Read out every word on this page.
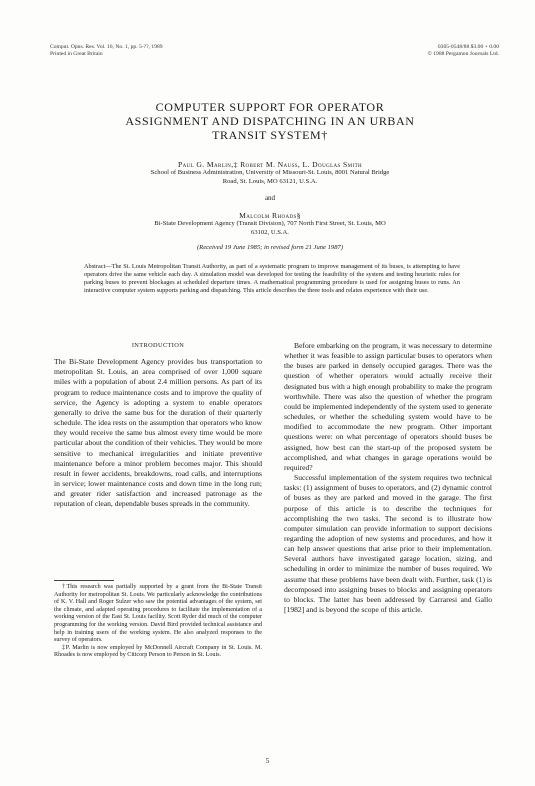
Comput. Opns. Res. Vol. 16, No. 1, pp. 5-??, 1989
Printed in Great Britain
0305-0548/88 $3.00 + 0.00
© 1988 Pergamon Journals Ltd.
COMPUTER SUPPORT FOR OPERATOR
ASSIGNMENT AND DISPATCHING IN AN URBAN
TRANSIT SYSTEM†
Paul G. Marlin,‡ Robert M. Nauss, L. Douglas Smith
School of Business Administration, University of Missouri-St. Louis, 8001 Natural Bridge
Road, St. Louis, MO 63121, U.S.A.
and
Malcolm Rhoads§
Bi-State Development Agency (Transit Division), 707 North First Street, St. Louis, MO
63102, U.S.A.
(Received 19 June 1985; in revised form 21 June 1987)
Abstract—The St. Louis Metropolitan Transit Authority, as part of a systematic program to improve management of its buses, is attempting to have operators drive the same vehicle each day. A simulation model was developed for testing the feasibility of the system and testing heuristic rules for parking buses to prevent blockages at scheduled departure times. A mathematical programming procedure is used for assigning buses to runs. An interactive computer system supports parking and dispatching. This article describes the three tools and relates experience with their use.
INTRODUCTION

The Bi-State Development Agency provides bus transportation to metropolitan St. Louis, an area comprised of over 1,000 square miles with a population of about 2.4 million persons. As part of its program to reduce maintenance costs and to improve the quality of service, the Agency is adopting a system to enable operators generally to drive the same bus for the duration of their quarterly schedule. The idea rests on the assumption that operators who know they would receive the same bus almost every time would be more particular about the condition of their vehicles. They would be more sensitive to mechanical irregularities and initiate preventive maintenance before a minor problem becomes major. This should result in fewer accidents, breakdowns, road calls, and interruptions in service; lower maintenance costs and down time in the long run; and greater rider satisfaction and increased patronage as the reputation of clean, dependable buses spreads in the community.

Before embarking on the program, it was necessary to determine whether it was feasible to assign particular buses to operators when the buses are parked in densely occupied garages. There was the question of whether operators would actually receive their designated bus with a high enough probability to make the program worthwhile. There was also the question of whether the program could be implemented independently of the system used to generate schedules, or whether the scheduling system would have to be modified to accommodate the new program. Other important questions were: on what percentage of operators should buses be assigned, how best can the start-up of the proposed system be accomplished, and what changes in garage operations would be required?

Successful implementation of the system requires two technical tasks: (1) assignment of buses to operators, and (2) dynamic control of buses as they are parked and moved in the garage. The first purpose of this article is to describe the techniques for accomplishing the two tasks. The second is to illustrate how computer simulation can provide information to support decisions regarding the adoption of new systems and procedures, and how it can help answer questions that arise prior to their implementation. Several authors have investigated garage location, sizing, and scheduling in order to minimize the number of buses required. We assume that these problems have been dealt with. Further, task (1) is decomposed into assigning buses to blocks and assigning operators to blocks. The latter has been addressed by Carraresi and Gallo [1982] and is beyond the scope of this article.

†This research was partially supported by a grant from the Bi-State Transit Authority for metropolitan St. Louis. We particularly acknowledge the contributions of K. V. Hall and Roger Sulzer who saw the potential advantages of the system, set the climate, and adapted operating procedures to facilitate the implementation of a working version of the East St. Louis facility. Scott Ryder did much of the computer programming for the working version. David Bird provided technical assistance and help in training users of the working system. He also analyzed responses to the survey of operators.

‡P. Marlin is now employed by McDonnell Aircraft Company in St. Louis. M. Rhoades is now employed by Citicorp Person to Person in St. Louis.

5
